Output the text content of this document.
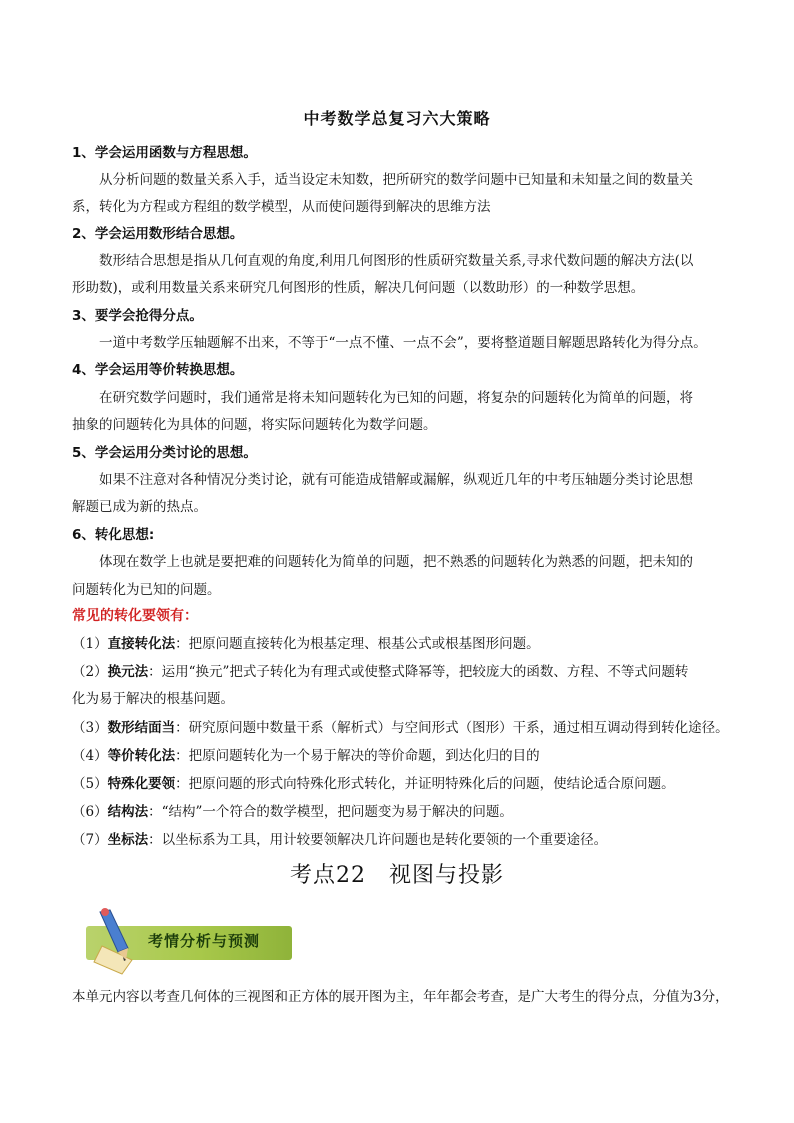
中考数学总复习六大策略
1、学会运用函数与方程思想。
从分析问题的数量关系入手，适当设定未知数，把所研究的数学问题中已知量和未知量之间的数量关
系，转化为方程或方程组的数学模型，从而使问题得到解决的思维方法
2、学会运用数形结合思想。
数形结合思想是指从几何直观的角度,利用几何图形的性质研究数量关系,寻求代数问题的解决方法(以
形助数)，或利用数量关系来研究几何图形的性质，解决几何问题（以数助形）的一种数学思想。
3、要学会抢得分点。
一道中考数学压轴题解不出来，不等于“一点不懂、一点不会”，要将整道题目解题思路转化为得分点。
4、学会运用等价转换思想。
在研究数学问题时，我们通常是将未知问题转化为已知的问题，将复杂的问题转化为简单的问题，将
抽象的问题转化为具体的问题，将实际问题转化为数学问题。
5、学会运用分类讨论的思想。
如果不注意对各种情况分类讨论，就有可能造成错解或漏解，纵观近几年的中考压轴题分类讨论思想
解题已成为新的热点。
6、转化思想:
体现在数学上也就是要把难的问题转化为简单的问题，把不熟悉的问题转化为熟悉的问题，把未知的
问题转化为已知的问题。
常见的转化要领有：
（1）直接转化法：把原问题直接转化为根基定理、根基公式或根基图形问题。
（2）换元法：运用“换元”把式子转化为有理式或使整式降幂等，把较庞大的函数、方程、不等式问题转
化为易于解决的根基问题。
（3）数形结面当：研究原问题中数量干系（解析式）与空间形式（图形）干系，通过相互调动得到转化途径。
（4）等价转化法：把原问题转化为一个易于解决的等价命题，到达化归的目的
（5）特殊化要领：把原问题的形式向特殊化形式转化，并证明特殊化后的问题，使结论适合原问题。
（6）结构法：“结构”一个符合的数学模型，把问题变为易于解决的问题。
（7）坐标法：以坐标系为工具，用计较要领解决几许问题也是转化要领的一个重要途径。
考点22　视图与投影
考情分析与预测
本单元内容以考查几何体的三视图和正方体的展开图为主，年年都会考查，是广大考生的得分点，分值为3分，
